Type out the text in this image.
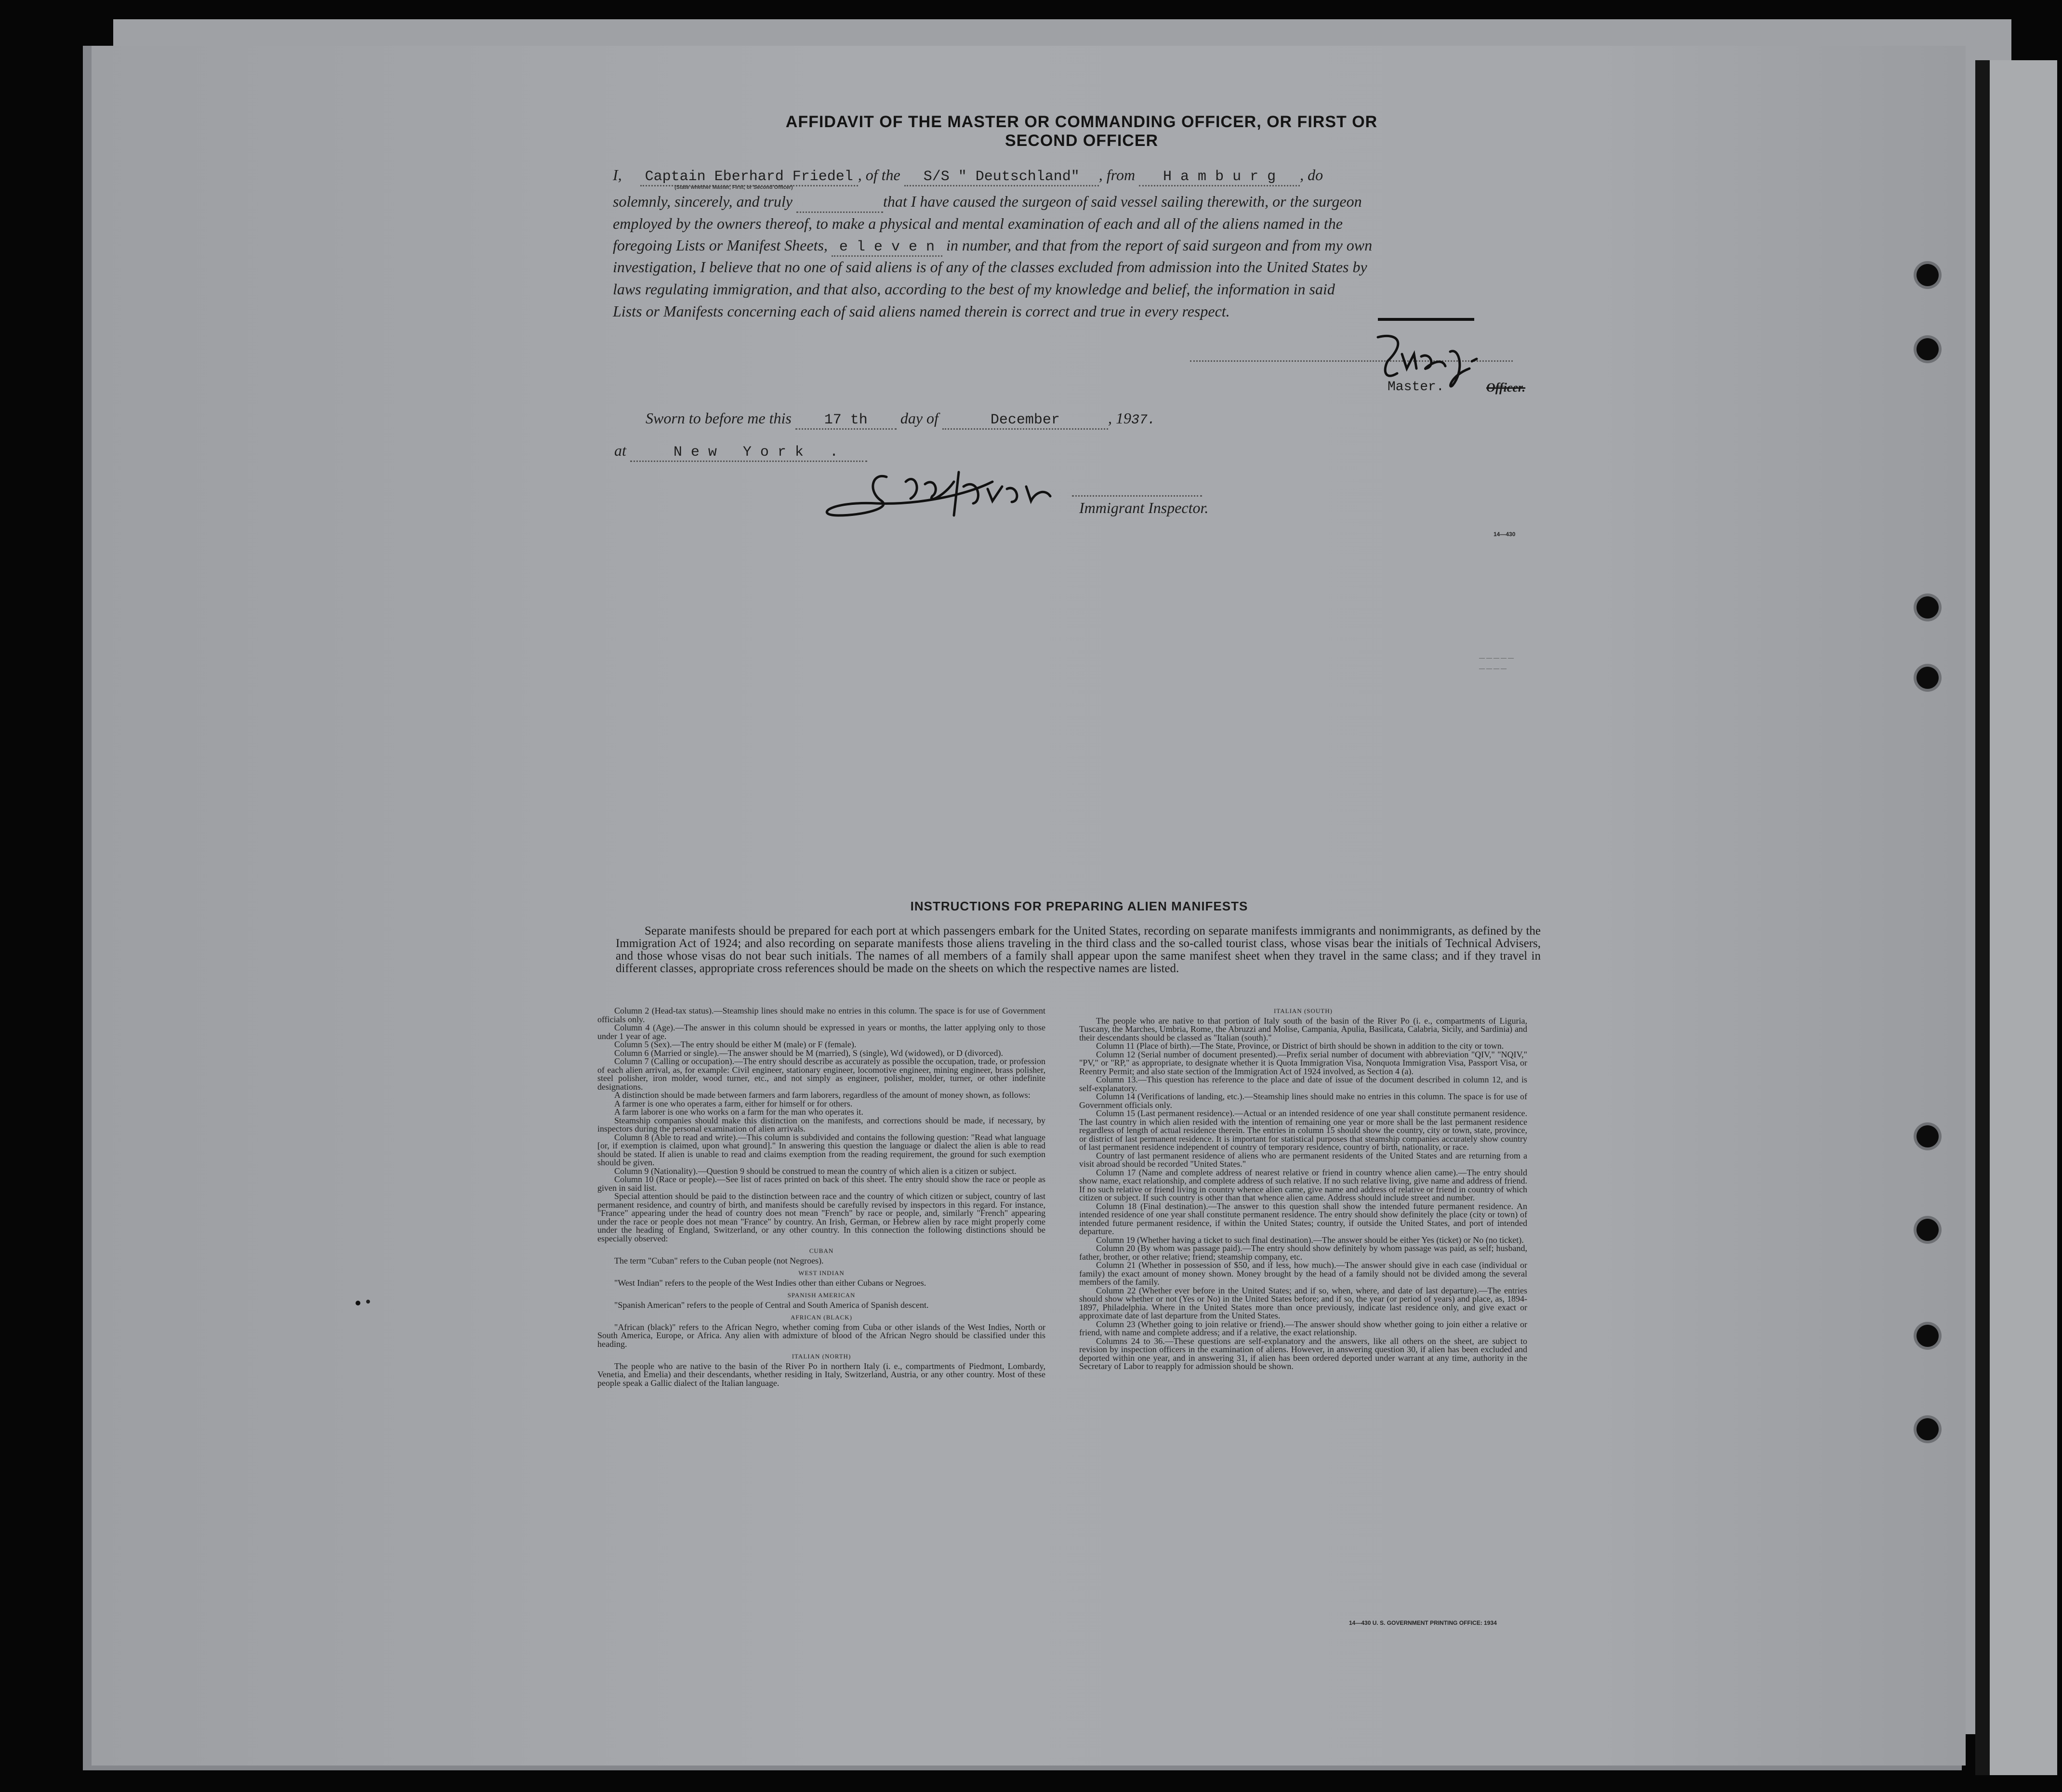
AFFIDAVIT OF THE MASTER OR COMMANDING OFFICER, OR FIRST OR SECOND OFFICER
I, Captain Eberhard Friedel , of the S/S " Deutschland" , from H a m b u r g , do
(State whether Master, First, or Second Officer)
solemnly, sincerely, and truly	that I have caused the surgeon of said vessel sailing therewith, or the surgeon
employed by the owners thereof, to make a physical and mental examination of each and all of the aliens named in the
foregoing Lists or Manifest Sheets, e l e v e n in number, and that from the report of said surgeon and from my own
investigation, I believe that no one of said aliens is of any of the classes excluded from admission into the United States by
laws regulating immigration, and that also, according to the best of my knowledge and belief, the information in said
Lists or Manifests concerning each of said aliens named therein is correct and true in every respect.
Master.	Officer.
Sworn to before me this 17 th day of	December	, 1937.
at	N e w   Y o r k   .
Immigrant Inspector.
14—430
— — — — —
— — — —
INSTRUCTIONS FOR PREPARING ALIEN MANIFESTS
Separate manifests should be prepared for each port at which passengers embark for the United States, recording on separate manifests immigrants and nonimmigrants, as defined by the Immigration Act of 1924; and also recording on separate manifests those aliens traveling in the third class and the so-called tourist class, whose visas bear the initials of Technical Advisers, and those whose visas do not bear such initials. The names of all members of a family shall appear upon the same manifest sheet when they travel in the same class; and if they travel in different classes, appropriate cross references should be made on the sheets on which the respective names are listed.

Column 2 (Head-tax status).—Steamship lines should make no entries in this column. The space is for use of Government officials only.

Column 4 (Age).—The answer in this column should be expressed in years or months, the latter applying only to those under 1 year of age.

Column 5 (Sex).—The entry should be either M (male) or F (female).

Column 6 (Married or single).—The answer should be M (married), S (single), Wd (widowed), or D (divorced).

Column 7 (Calling or occupation).—The entry should describe as accurately as possible the occupation, trade, or profession of each alien arrival, as, for example: Civil engineer, stationary engineer, locomotive engineer, mining engineer, brass polisher, steel polisher, iron molder, wood turner, etc., and not simply as engineer, polisher, molder, turner, or other indefinite designations.

A distinction should be made between farmers and farm laborers, regardless of the amount of money shown, as follows:

A farmer is one who operates a farm, either for himself or for others.

A farm laborer is one who works on a farm for the man who operates it.

Steamship companies should make this distinction on the manifests, and corrections should be made, if necessary, by inspectors during the personal examination of alien arrivals.

Column 8 (Able to read and write).—This column is subdivided and contains the following question: "Read what language [or, if exemption is claimed, upon what ground]." In answering this question the language or dialect the alien is able to read should be stated. If alien is unable to read and claims exemption from the reading requirement, the ground for such exemption should be given.

Column 9 (Nationality).—Question 9 should be construed to mean the country of which alien is a citizen or subject.

Column 10 (Race or people).—See list of races printed on back of this sheet. The entry should show the race or people as given in said list.

Special attention should be paid to the distinction between race and the country of which citizen or subject, country of last permanent residence, and country of birth, and manifests should be carefully revised by inspectors in this regard. For instance, "France" appearing under the head of country does not mean "French" by race or people, and, similarly "French" appearing under the race or people does not mean "France" by country. An Irish, German, or Hebrew alien by race might properly come under the heading of England, Switzerland, or any other country. In this connection the following distinctions should be especially observed:

CUBAN

The term "Cuban" refers to the Cuban people (not Negroes).

WEST INDIAN

"West Indian" refers to the people of the West Indies other than either Cubans or Negroes.

SPANISH AMERICAN

"Spanish American" refers to the people of Central and South America of Spanish descent.

AFRICAN (BLACK)

"African (black)" refers to the African Negro, whether coming from Cuba or other islands of the West Indies, North or South America, Europe, or Africa. Any alien with admixture of blood of the African Negro should be classified under this heading.

ITALIAN (NORTH)

The people who are native to the basin of the River Po in northern Italy (i. e., compartments of Piedmont, Lombardy, Venetia, and Emelia) and their descendants, whether residing in Italy, Switzerland, Austria, or any other country. Most of these people speak a Gallic dialect of the Italian language.

ITALIAN (SOUTH)

The people who are native to that portion of Italy south of the basin of the River Po (i. e., compartments of Liguria, Tuscany, the Marches, Umbria, Rome, the Abruzzi and Molise, Campania, Apulia, Basilicata, Calabria, Sicily, and Sardinia) and their descendants should be classed as "Italian (south)."

Column 11 (Place of birth).—The State, Province, or District of birth should be shown in addition to the city or town.

Column 12 (Serial number of document presented).—Prefix serial number of document with abbreviation "QIV," "NQIV," "PV," or "RP," as appropriate, to designate whether it is Quota Immigration Visa, Nonquota Immigration Visa, Passport Visa, or Reentry Permit; and also state section of the Immigration Act of 1924 involved, as Section 4 (a).

Column 13.—This question has reference to the place and date of issue of the document described in column 12, and is self-explanatory.

Column 14 (Verifications of landing, etc.).—Steamship lines should make no entries in this column. The space is for use of Government officials only.

Column 15 (Last permanent residence).—Actual or an intended residence of one year shall constitute permanent residence. The last country in which alien resided with the intention of remaining one year or more shall be the last permanent residence regardless of length of actual residence therein. The entries in column 15 should show the country, city or town, state, province, or district of last permanent residence. It is important for statistical purposes that steamship companies accurately show country of last permanent residence independent of country of temporary residence, country of birth, nationality, or race.

Country of last permanent residence of aliens who are permanent residents of the United States and are returning from a visit abroad should be recorded "United States."

Column 17 (Name and complete address of nearest relative or friend in country whence alien came).—The entry should show name, exact relationship, and complete address of such relative. If no such relative living, give name and address of friend. If no such relative or friend living in country whence alien came, give name and address of relative or friend in country of which citizen or subject. If such country is other than that whence alien came. Address should include street and number.

Column 18 (Final destination).—The answer to this question shall show the intended future permanent residence. An intended residence of one year shall constitute permanent residence. The entry should show definitely the place (city or town) of intended future permanent residence, if within the United States; country, if outside the United States, and port of intended departure.

Column 19 (Whether having a ticket to such final destination).—The answer should be either Yes (ticket) or No (no ticket).

Column 20 (By whom was passage paid).—The entry should show definitely by whom passage was paid, as self; husband, father, brother, or other relative; friend; steamship company, etc.

Column 21 (Whether in possession of $50, and if less, how much).—The answer should give in each case (individual or family) the exact amount of money shown. Money brought by the head of a family should not be divided among the several members of the family.

Column 22 (Whether ever before in the United States; and if so, when, where, and date of last departure).—The entries should show whether or not (Yes or No) in the United States before; and if so, the year (or period of years) and place, as, 1894-1897, Philadelphia. Where in the United States more than once previously, indicate last residence only, and give exact or approximate date of last departure from the United States.

Column 23 (Whether going to join relative or friend).—The answer should show whether going to join either a relative or friend, with name and complete address; and if a relative, the exact relationship.

Columns 24 to 36.—These questions are self-explanatory and the answers, like all others on the sheet, are subject to revision by inspection officers in the examination of aliens. However, in answering question 30, if alien has been excluded and deported within one year, and in answering 31, if alien has been ordered deported under warrant at any time, authority in the Secretary of Labor to reapply for admission should be shown.

14—430 U. S. GOVERNMENT PRINTING OFFICE: 1934
